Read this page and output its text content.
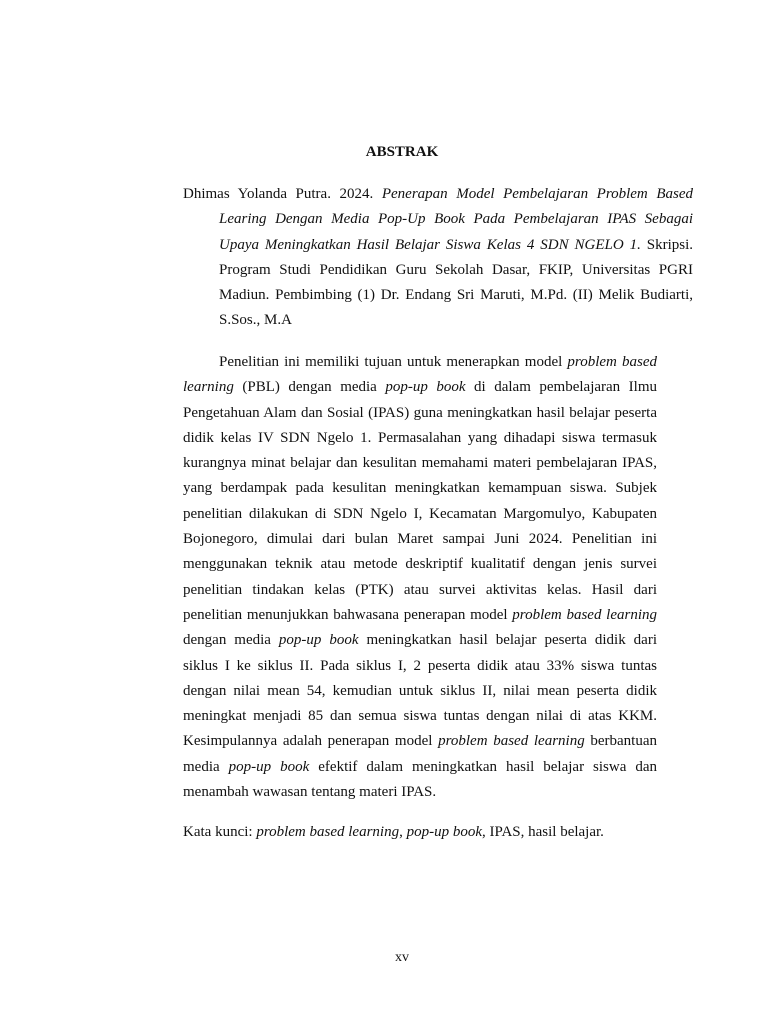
ABSTRAK

Dhimas Yolanda Putra. 2024. Penerapan Model Pembelajaran Problem Based Learing Dengan Media Pop-Up Book Pada Pembelajaran IPAS Sebagai Upaya Meningkatkan Hasil Belajar Siswa Kelas 4 SDN NGELO 1. Skripsi. Program Studi Pendidikan Guru Sekolah Dasar, FKIP, Universitas PGRI Madiun. Pembimbing (1) Dr. Endang Sri Maruti, M.Pd. (II) Melik Budiarti, S.Sos., M.A

Penelitian ini memiliki tujuan untuk menerapkan model problem based learning (PBL) dengan media pop-up book di dalam pembelajaran Ilmu Pengetahuan Alam dan Sosial (IPAS) guna meningkatkan hasil belajar peserta didik kelas IV SDN Ngelo 1. Permasalahan yang dihadapi siswa termasuk kurangnya minat belajar dan kesulitan memahami materi pembelajaran IPAS, yang berdampak pada kesulitan meningkatkan kemampuan siswa. Subjek penelitian dilakukan di SDN Ngelo I, Kecamatan Margomulyo, Kabupaten Bojonegoro, dimulai dari bulan Maret sampai Juni 2024. Penelitian ini menggunakan teknik atau metode deskriptif kualitatif dengan jenis survei penelitian tindakan kelas (PTK) atau survei aktivitas kelas. Hasil dari penelitian menunjukkan bahwasana penerapan model problem based learning dengan media pop-up book meningkatkan hasil belajar peserta didik dari siklus I ke siklus II. Pada siklus I, 2 peserta didik atau 33% siswa tuntas dengan nilai mean 54, kemudian untuk siklus II, nilai mean peserta didik meningkat menjadi 85 dan semua siswa tuntas dengan nilai di atas KKM. Kesimpulannya adalah penerapan model problem based learning berbantuan media pop-up book efektif dalam meningkatkan hasil belajar siswa dan menambah wawasan tentang materi IPAS.

Kata kunci: problem based learning, pop-up book, IPAS, hasil belajar.

xv
